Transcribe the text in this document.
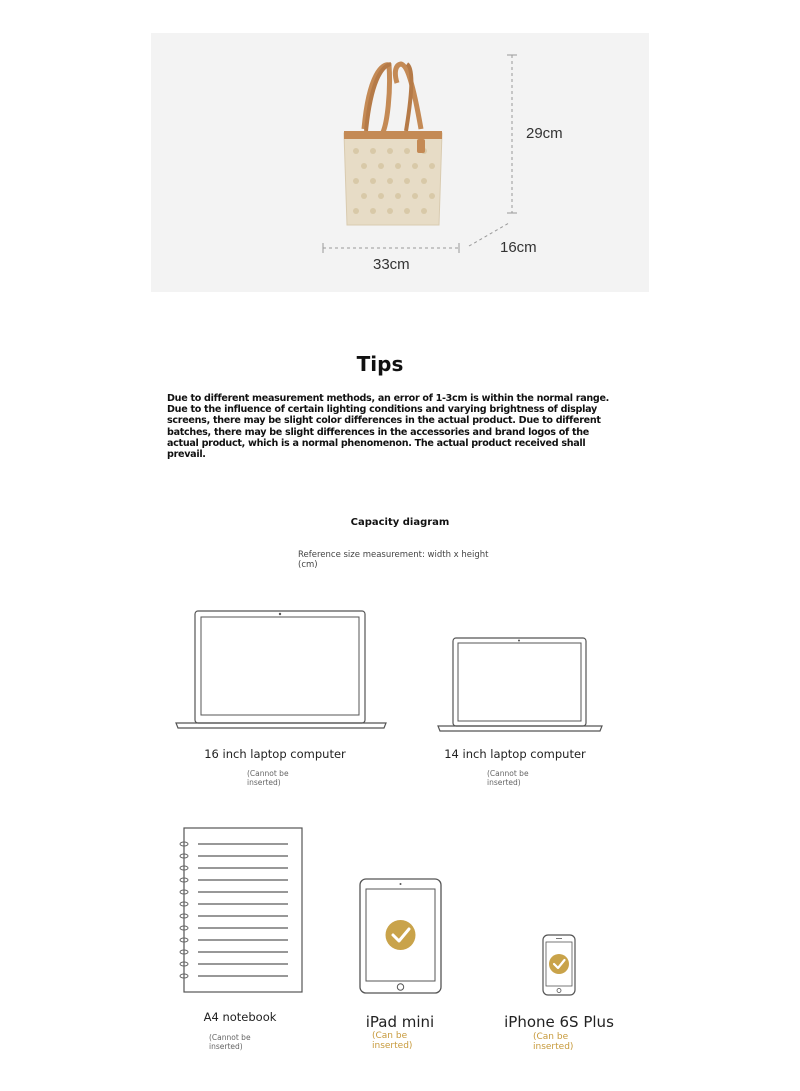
29cm
16cm
33cm
Tips
Due to different measurement methods, an error of 1-3cm is within the normal range. Due to the influence of certain lighting conditions and varying brightness of display screens, there may be slight color differences in the actual product. Due to different batches, there may be slight differences in the accessories and brand logos of the actual product, which is a normal phenomenon. The actual product received shall prevail.
Capacity diagram
Reference size measurement: width x height (cm)
16 inch laptop computer
(Cannot be inserted)
14 inch laptop computer
(Cannot be inserted)
A4 notebook
(Cannot be inserted)
iPad mini
(Can be inserted)
iPhone 6S Plus
(Can be inserted)
